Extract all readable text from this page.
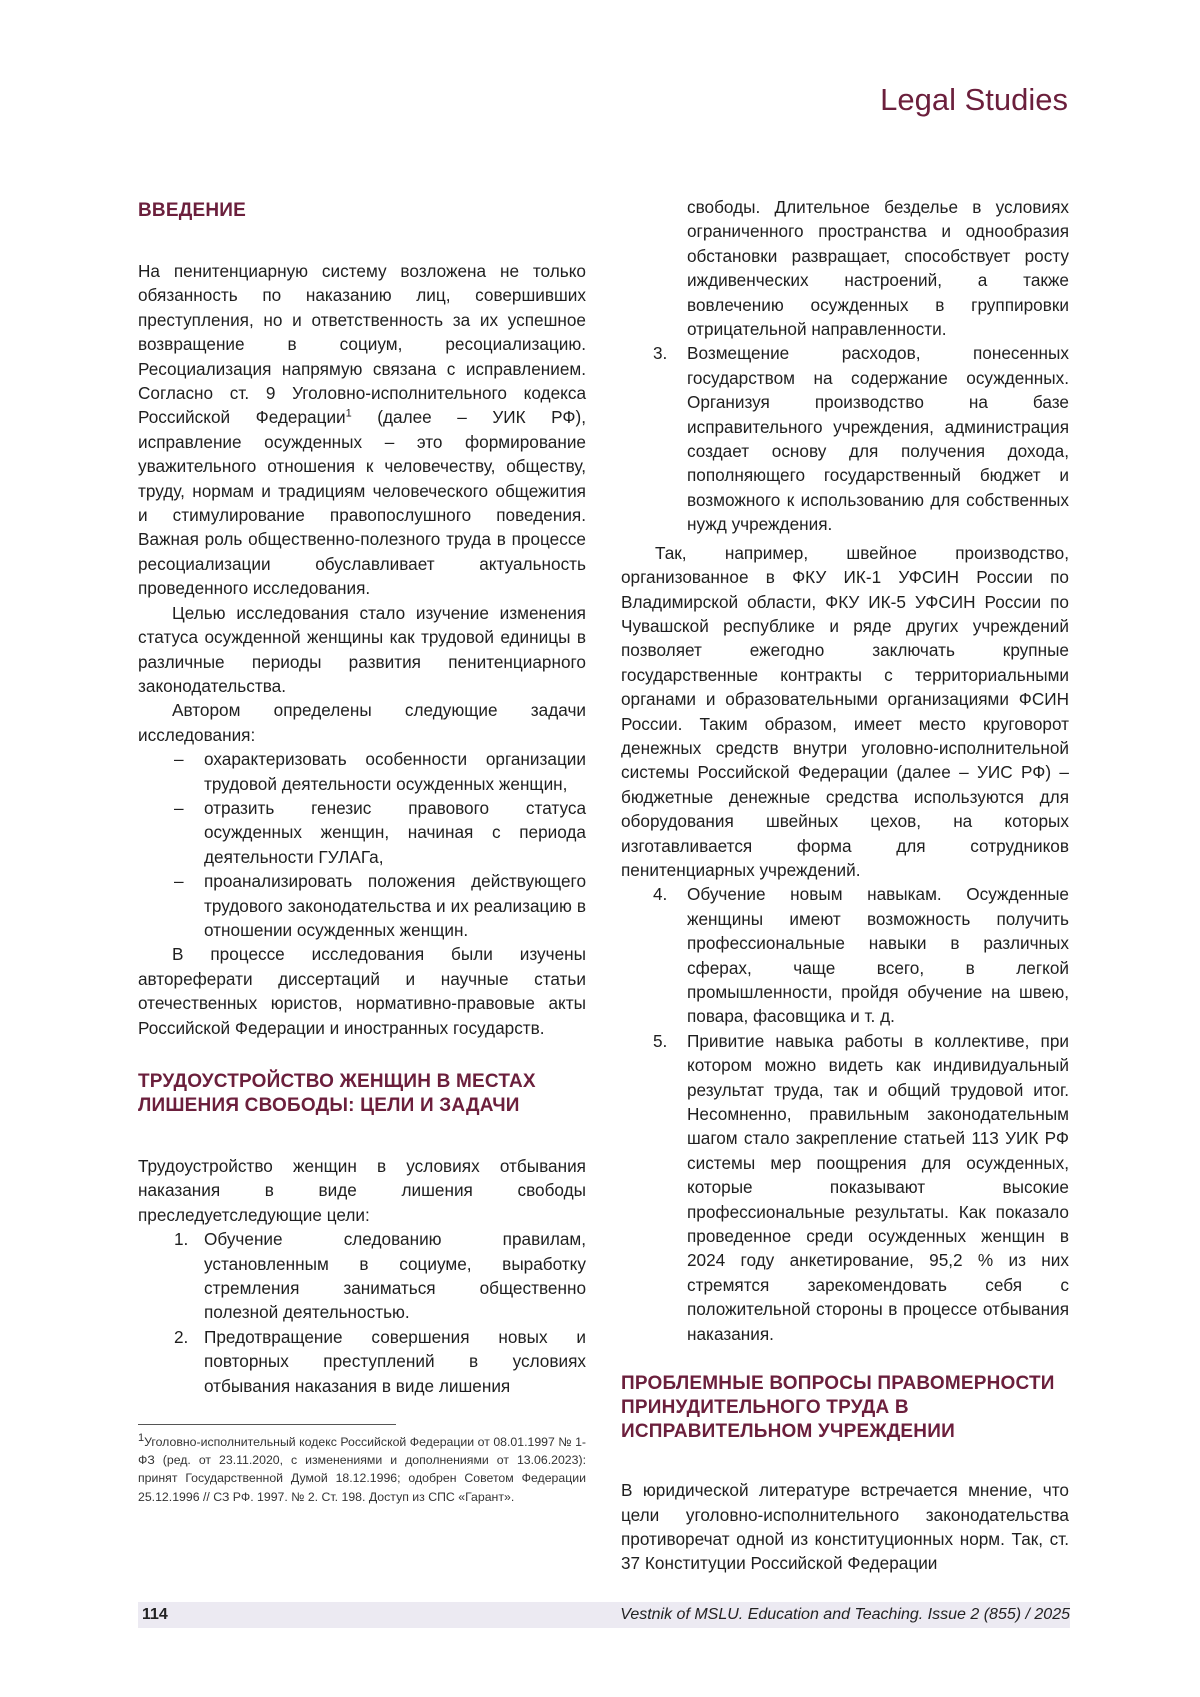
Legal Studies
ВВЕДЕНИЕ

На пенитенциарную систему возложена не только обязанность по наказанию лиц, совершивших преступления, но и ответственность за их успешное возвращение в социум, ресоциализацию. Ресоциализация напрямую связана с исправлением. Согласно ст. 9 Уголовно-исполнительного кодекса Российской Федерации1 (далее – УИК РФ), исправление осужденных – это формирование уважительного отношения к человечеству, обществу, труду, нормам и традициям человеческого общежития и стимулирование правопослушного поведения. Важная роль общественно-полезного труда в процессе ресоциализации обуславливает актуальность проведенного исследования.

Целью исследования стало изучение изменения статуса осужденной женщины как трудовой единицы в различные периоды развития пенитенциарного законодательства.

Автором определены следующие задачи исследования:

– охарактеризовать особенности организации трудовой деятельности осужденных женщин,
– отразить генезис правового статуса осужденных женщин, начиная с периода деятельности ГУЛАГа,
– проанализировать положения действующего трудового законодательства и их реализацию в отношении осужденных женщин.

В процессе исследования были изучены автореферати диссертаций и научные статьи отечественных юристов, нормативно-правовые акты Российской Федерации и иностранных государств.

ТРУДОУСТРОЙСТВО ЖЕНЩИН В МЕСТАХ ЛИШЕНИЯ СВОБОДЫ: ЦЕЛИ И ЗАДАЧИ

Трудоустройство женщин в условиях отбывания наказания в виде лишения свободы преследуетследующие цели:

1. Обучение следованию правилам, установленным в социуме, выработку стремления заниматься общественно полезной деятельностью.
2. Предотвращение совершения новых и повторных преступлений в условиях отбывания наказания в виде лишения
1Уголовно-исполнительный кодекс Российской Федерации от 08.01.1997 № 1-ФЗ (ред. от 23.11.2020, с изменениями и дополнениями от 13.06.2023): принят Государственной Думой 18.12.1996; одобрен Советом Федерации 25.12.1996 // СЗ РФ. 1997. № 2. Ст. 198. Доступ из СПС «Гарант».
свободы. Длительное безделье в условиях ограниченного пространства и однообразия обстановки развращает, способствует росту иждивенческих настроений, а также вовлечению осужденных в группировки отрицательной направленности.
3. Возмещение расходов, понесенных государством на содержание осужденных. Организуя производство на базе исправительного учреждения, администрация создает основу для получения дохода, пополняющего государственный бюджет и возможного к использованию для собственных нужд учреждения.

Так, например, швейное производство, организованное в ФКУ ИК-1 УФСИН России по Владимирской области, ФКУ ИК-5 УФСИН России по Чувашской республике и ряде других учреждений позволяет ежегодно заключать крупные государственные контракты с территориальными органами и образовательными организациями ФСИН России. Таким образом, имеет место круговорот денежных средств внутри уголовно-исполнительной системы Российской Федерации (далее – УИС РФ) – бюджетные денежные средства используются для оборудования швейных цехов, на которых изготавливается форма для сотрудников пенитенциарных учреждений.

4. Обучение новым навыкам. Осужденные женщины имеют возможность получить профессиональные навыки в различных сферах, чаще всего, в легкой промышленности, пройдя обучение на швею, повара, фасовщика и т. д.
5. Привитие навыка работы в коллективе, при котором можно видеть как индивидуальный результат труда, так и общий трудовой итог. Несомненно, правильным законодательным шагом стало закрепление статьей 113 УИК РФ системы мер поощрения для осужденных, которые показывают высокие профессиональные результаты. Как показало проведенное среди осужденных женщин в 2024 году анкетирование, 95,2 % из них стремятся зарекомендовать себя с положительной стороны в процессе отбывания наказания.
ПРОБЛЕМНЫЕ ВОПРОСЫ ПРАВОМЕРНОСТИ ПРИНУДИТЕЛЬНОГО ТРУДА В ИСПРАВИТЕЛЬНОМ УЧРЕЖДЕНИИ

В юридической литературе встречается мнение, что цели уголовно-исполнительного законодательства противоречат одной из конституционных норм. Так, ст. 37 Конституции Российской Федерации

114	Vestnik of MSLU. Education and Teaching. Issue 2 (855) / 2025
